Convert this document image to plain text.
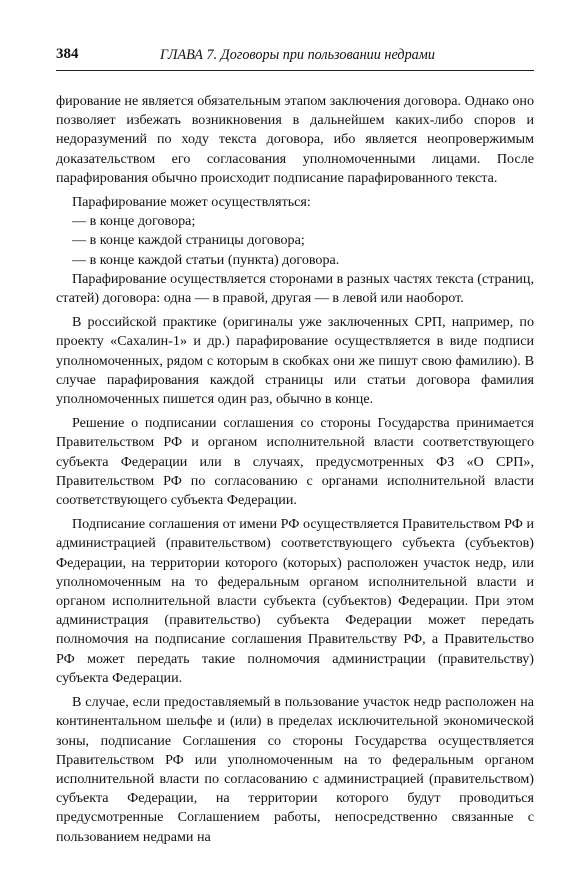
384	ГЛАВА 7. Договоры при пользовании недрами

фирование не является обязательным этапом заключения договора. Однако оно позволяет избежать возникновения в дальнейшем каких-либо споров и недоразумений по ходу текста договора, ибо является неопровержимым доказательством его согласования уполномоченными лицами. После парафирования обычно происходит подписание парафированного текста.

Парафирование может осуществляться:

— в конце договора;

— в конце каждой страницы договора;

— в конце каждой статьи (пункта) договора.

Парафирование осуществляется сторонами в разных частях текста (страниц, статей) договора: одна — в правой, другая — в левой или наоборот.

В российской практике (оригиналы уже заключенных СРП, например, по проекту «Сахалин-1» и др.) парафирование осуществляется в виде подписи уполномоченных, рядом с которым в скобках они же пишут свою фамилию). В случае парафирования каждой страницы или статьи договора фамилия уполномоченных пишется один раз, обычно в конце.

Решение о подписании соглашения со стороны Государства принимается Правительством РФ и органом исполнительной власти соответствующего субъекта Федерации или в случаях, предусмотренных ФЗ «О СРП», Правительством РФ по согласованию с органами исполнительной власти соответствующего субъекта Федерации.

Подписание соглашения от имени РФ осуществляется Правительством РФ и администрацией (правительством) соответствующего субъекта (субъектов) Федерации, на территории которого (которых) расположен участок недр, или уполномоченным на то федеральным органом исполнительной власти и органом исполнительной власти субъекта (субъектов) Федерации. При этом администрация (правительство) субъекта Федерации может передать полномочия на подписание соглашения Правительству РФ, а Правительство РФ может передать такие полномочия администрации (правительству) субъекта Федерации.

В случае, если предоставляемый в пользование участок недр расположен на континентальном шельфе и (или) в пределах исключительной экономической зоны, подписание Соглашения со стороны Государства осуществляется Правительством РФ или уполномоченным на то федеральным органом исполнительной власти по согласованию с администрацией (правительством) субъекта Федерации, на территории которого будут проводиться предусмотренные Соглашением работы, непосредственно связанные с пользованием недрами на
